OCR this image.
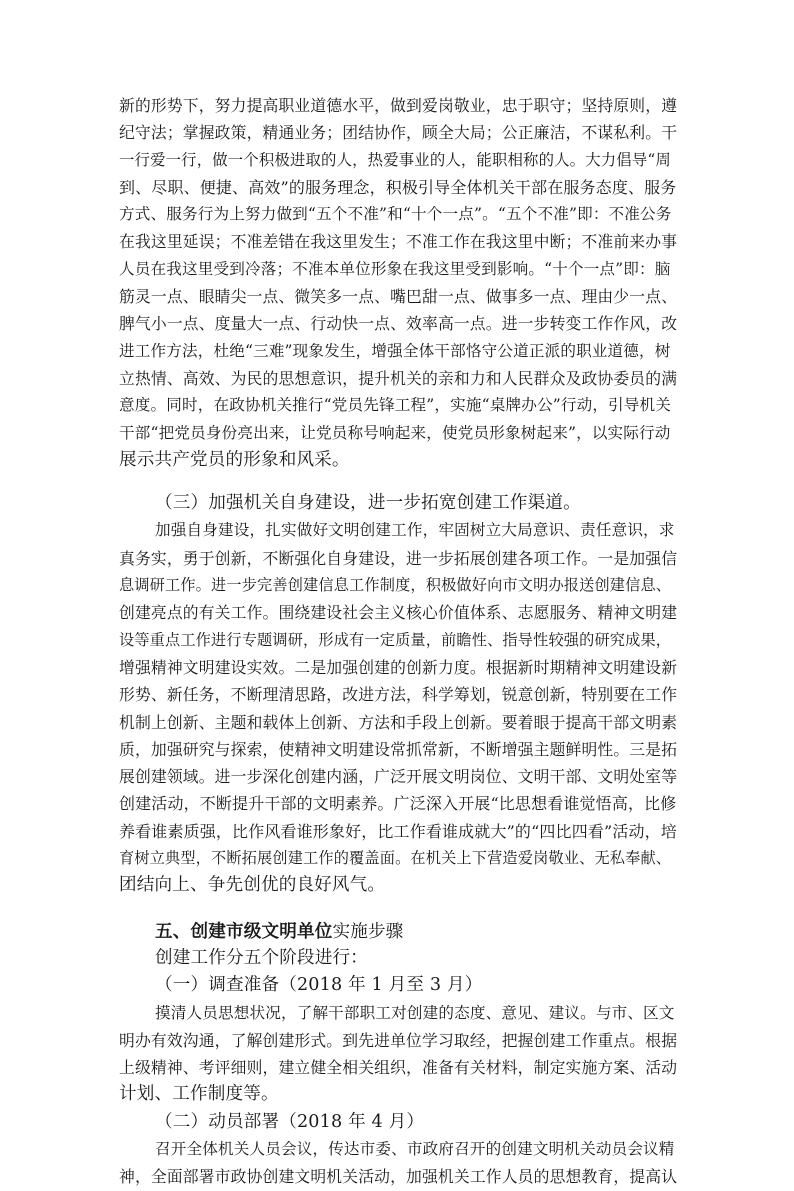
新的形势下，努力提高职业道德水平，做到爱岗敬业，忠于职守；坚持原则，遵
纪守法；掌握政策，精通业务；团结协作，顾全大局；公正廉洁，不谋私利。干
一行爱一行，做一个积极进取的人，热爱事业的人，能职相称的人。大力倡导“周
到、尽职、便捷、高效”的服务理念，积极引导全体机关干部在服务态度、服务
方式、服务行为上努力做到“五个不准”和“十个一点”。“五个不准”即：不准公务
在我这里延误；不准差错在我这里发生；不准工作在我这里中断；不准前来办事
人员在我这里受到冷落；不准本单位形象在我这里受到影响。“十个一点”即：脑
筋灵一点、眼睛尖一点、微笑多一点、嘴巴甜一点、做事多一点、理由少一点、
脾气小一点、度量大一点、行动快一点、效率高一点。进一步转变工作作风，改
进工作方法，杜绝“三难”现象发生，增强全体干部恪守公道正派的职业道德，树
立热情、高效、为民的思想意识，提升机关的亲和力和人民群众及政协委员的满
意度。同时，在政协机关推行“党员先锋工程”，实施“桌牌办公”行动，引导机关
干部“把党员身份亮出来，让党员称号响起来，使党员形象树起来”，以实际行动
展示共产党员的形象和风采。
（三）加强机关自身建设，进一步拓宽创建工作渠道。
加强自身建设，扎实做好文明创建工作，牢固树立大局意识、责任意识，求
真务实，勇于创新，不断强化自身建设，进一步拓展创建各项工作。一是加强信
息调研工作。进一步完善创建信息工作制度，积极做好向市文明办报送创建信息、
创建亮点的有关工作。围绕建设社会主义核心价值体系、志愿服务、精神文明建
设等重点工作进行专题调研，形成有一定质量，前瞻性、指导性较强的研究成果，
增强精神文明建设实效。二是加强创建的创新力度。根据新时期精神文明建设新
形势、新任务，不断理清思路，改进方法，科学筹划，锐意创新，特别要在工作
机制上创新、主题和载体上创新、方法和手段上创新。要着眼于提高干部文明素
质，加强研究与探索，使精神文明建设常抓常新，不断增强主题鲜明性。三是拓
展创建领域。进一步深化创建内涵，广泛开展文明岗位、文明干部、文明处室等
创建活动，不断提升干部的文明素养。广泛深入开展“比思想看谁觉悟高，比修
养看谁素质强，比作风看谁形象好，比工作看谁成就大”的“四比四看”活动，培
育树立典型，不断拓展创建工作的覆盖面。在机关上下营造爱岗敬业、无私奉献、
团结向上、争先创优的良好风气。
五、创建市级文明单位实施步骤
创建工作分五个阶段进行：
（一）调查准备（2018 年 1 月至 3 月）
摸清人员思想状况，了解干部职工对创建的态度、意见、建议。与市、区文
明办有效沟通，了解创建形式。到先进单位学习取经，把握创建工作重点。根据
上级精神、考评细则，建立健全相关组织，准备有关材料，制定实施方案、活动
计划、工作制度等。
（二）动员部署（2018 年 4 月）
召开全体机关人员会议，传达市委、市政府召开的创建文明机关动员会议精
神，全面部署市政协创建文明机关活动，加强机关工作人员的思想教育，提高认
